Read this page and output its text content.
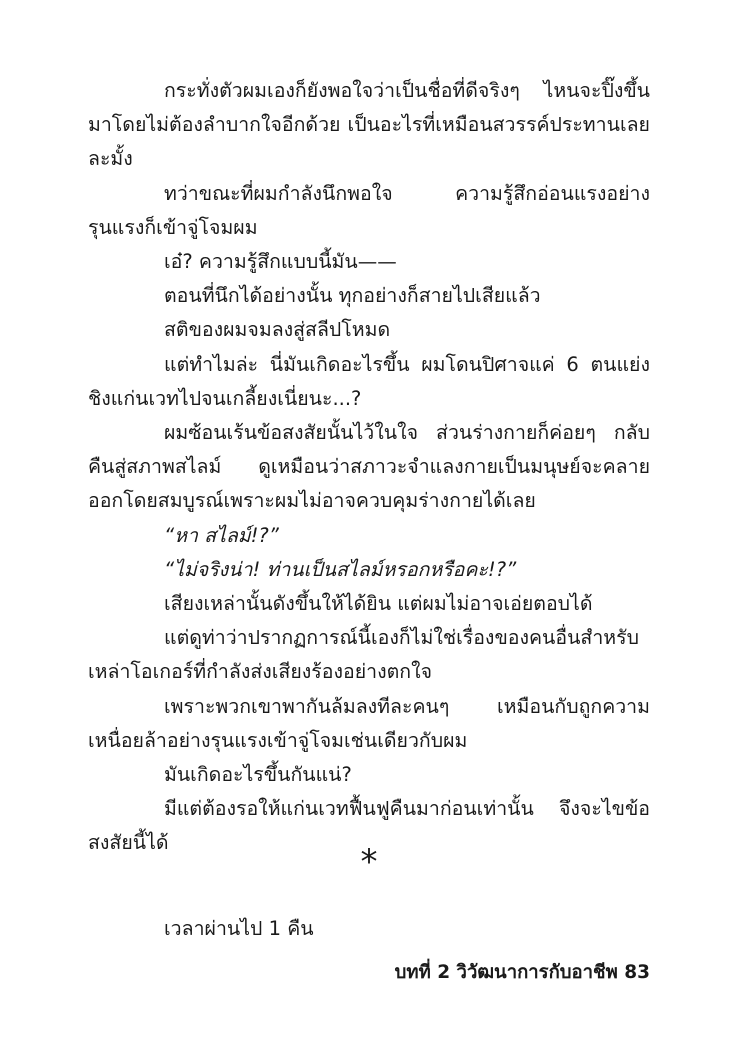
กระทั่งตัวผมเองก็ยังพอใจว่าเป็นชื่อที่ดีจริงๆ ไหนจะปิ๊งขึ้นมาโดยไม่ต้องลำบากใจอีกด้วย เป็นอะไรที่เหมือนสวรรค์ประทานเลยละมั้ง

ทว่าขณะที่ผมกำลังนึกพอใจ ความรู้สึกอ่อนแรงอย่างรุนแรงก็เข้าจู่โจมผม

เอ๋? ความรู้สึกแบบนี้มัน——

ตอนที่นึกได้อย่างนั้น ทุกอย่างก็สายไปเสียแล้ว

สติของผมจมลงสู่สลีปโหมด

แต่ทำไมล่ะ นี่มันเกิดอะไรขึ้น ผมโดนปิศาจแค่ 6 ตนแย่งชิงแก่นเวทไปจนเกลี้ยงเนี่ยนะ...?

ผมซ้อนเร้นข้อสงสัยนั้นไว้ในใจ ส่วนร่างกายก็ค่อยๆ กลับคืนสู่สภาพสไลม์ ดูเหมือนว่าสภาวะจำแลงกายเป็นมนุษย์จะคลายออกโดยสมบูรณ์เพราะผมไม่อาจควบคุมร่างกายได้เลย

“หา สไลม์!?”

“ไม่จริงน่า! ท่านเป็นสไลม์หรอกหรือคะ!?”

เสียงเหล่านั้นดังขึ้นให้ได้ยิน แต่ผมไม่อาจเอ่ยตอบได้

แต่ดูท่าว่าปรากฏการณ์นี้เองก็ไม่ใช่เรื่องของคนอื่นสำหรับเหล่าโอเกอร์ที่กำลังส่งเสียงร้องอย่างตกใจ

เพราะพวกเขาพากันล้มลงทีละคนๆ เหมือนกับถูกความเหนื่อยล้าอย่างรุนแรงเข้าจู่โจมเช่นเดียวกับผม

มันเกิดอะไรขึ้นกันแน่?

มีแต่ต้องรอให้แก่นเวทฟื้นฟูคืนมาก่อนเท่านั้น จึงจะไขข้อสงสัยนี้ได้	*
เวลาผ่านไป 1 คืน
บทที่ 2 วิวัฒนาการกับอาชีพ 83
